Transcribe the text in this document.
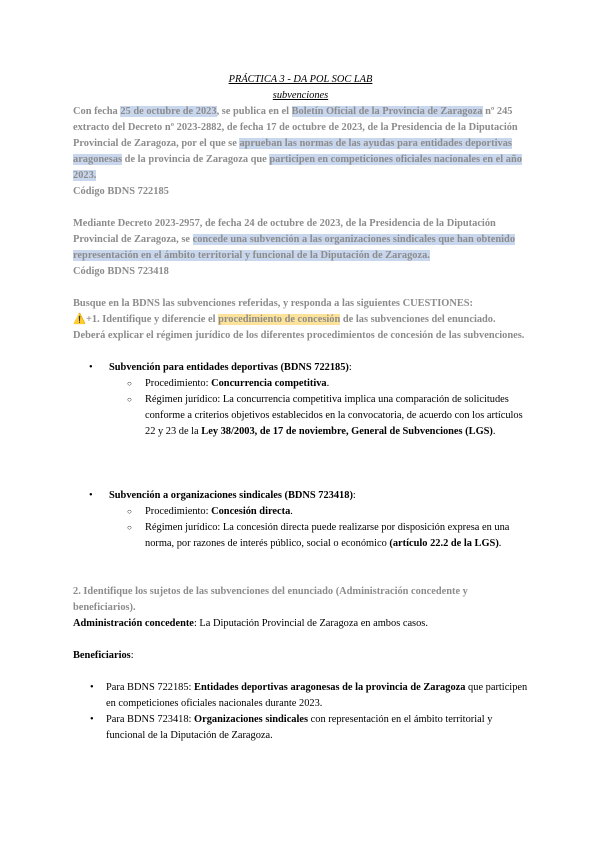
PRÁCTICA 3 - DA POL SOC LAB

subvenciones

Con fecha 25 de octubre de 2023, se publica en el Boletín Oficial de la Provincia de Zaragoza nº 245 extracto del Decreto nº 2023-2882, de fecha 17 de octubre de 2023, de la Presidencia de la Diputación Provincial de Zaragoza, por el que se aprueban las normas de las ayudas para entidades deportivas aragonesas de la provincia de Zaragoza que participen en competiciones oficiales nacionales en el año 2023.

Código BDNS 722185

Mediante Decreto 2023-2957, de fecha 24 de octubre de 2023, de la Presidencia de la Diputación Provincial de Zaragoza, se concede una subvención a las organizaciones sindicales que han obtenido representación en el ámbito territorial y funcional de la Diputación de Zaragoza.

Código BDNS 723418

Busque en la BDNS las subvenciones referidas, y responda a las siguientes CUESTIONES:

⚠️+1. Identifique y diferencie el procedimiento de concesión de las subvenciones del enunciado. Deberá explicar el régimen jurídico de los diferentes procedimientos de concesión de las subvenciones.

• Subvención para entidades deportivas (BDNS 722185):
○ Procedimiento: Concurrencia competitiva.
○ Régimen jurídico: La concurrencia competitiva implica una comparación de solicitudes conforme a criterios objetivos establecidos en la convocatoria, de acuerdo con los artículos 22 y 23 de la Ley 38/2003, de 17 de noviembre, General de Subvenciones (LGS).
• Subvención a organizaciones sindicales (BDNS 723418):
○ Procedimiento: Concesión directa.
○ Régimen jurídico: La concesión directa puede realizarse por disposición expresa en una norma, por razones de interés público, social o económico (artículo 22.2 de la LGS).

2. Identifique los sujetos de las subvenciones del enunciado (Administración concedente y beneficiarios).

Administración concedente: La Diputación Provincial de Zaragoza en ambos casos.

Beneficiarios:

• Para BDNS 722185: Entidades deportivas aragonesas de la provincia de Zaragoza que participen en competiciones oficiales nacionales durante 2023.
• Para BDNS 723418: Organizaciones sindicales con representación en el ámbito territorial y funcional de la Diputación de Zaragoza.
